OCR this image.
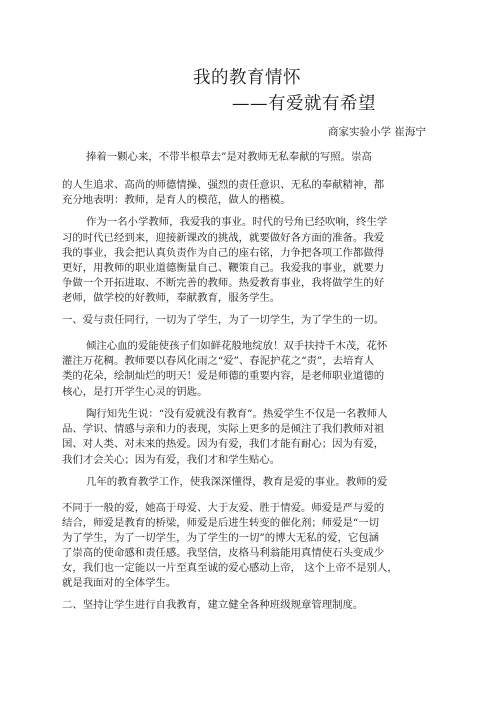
我的教育情怀
——有爱就有希望
商家实验小学 崔海宁
捧着一颗心来，不带半根草去”是对教师无私奉献的写照。崇高
的人生追求、高尚的师德情操、强烈的责任意识、无私的奉献精神，都
充分地表明：教师，是育人的模范，做人的楷模。
作为一名小学教师，我爱我的事业。时代的号角已经吹响，终生学
习的时代已经到来，迎接新课改的挑战，就要做好各方面的准备。我爱
我的事业，我会把认真负责作为自己的座右铭，力争把各项工作都做得
更好，用教师的职业道德衡量自己、鞭策自己。我爱我的事业，就要力
争做一个开拓进取、不断完善的教师。热爱教育事业，我将做学生的好
老师，做学校的好教师，奉献教育，服务学生。
一、爱与责任同行，一切为了学生，为了一切学生，为了学生的一切。
倾注心血的爱能使孩子们如鲜花般地绽放！双手扶持千木茂，花怀
灌注万花稠。教师要以春风化雨之“爱”、春泥护花之“责”，去培育人
类的花朵，绘制灿烂的明天！爱是师德的重要内容，是老师职业道德的
核心，是打开学生心灵的钥匙。
陶行知先生说：“没有爱就没有教育”。热爱学生不仅是一名教师人
品、学识、情感与亲和力的表现，实际上更多的是倾注了我们教师对祖
国、对人类、对未来的热爱。因为有爱，我们才能有耐心；因为有爱，
我们才会关心；因为有爱，我们才和学生贴心。
几年的教育教学工作，使我深深懂得，教育是爱的事业。教师的爱
不同于一般的爱，她高于母爱、大于友爱、胜于情爱。师爱是严与爱的
结合，师爱是教育的桥梁，师爱是后进生转变的催化剂；师爱是“一切
为了学生，为了一切学生，为了学生的一切”的博大无私的爱，它包涵
了崇高的使命感和责任感。我坚信，皮格马利翁能用真情使石头变成少
女，我们也一定能以一片至真至诚的爱心感动上帝， 这个上帝不是别人，
就是我面对的全体学生。
二、坚持让学生进行自我教育，建立健全各种班级规章管理制度。
